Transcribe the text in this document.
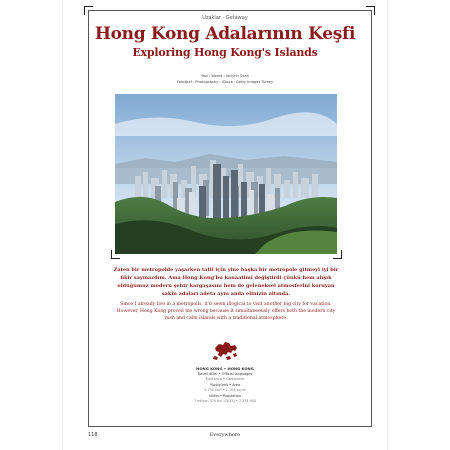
Uzaklar · Getaway
Hong Kong Adalarının Keşfi
Exploring Hong Kong's Islands
Yazı : Words : Jaclynn Seah
Fotoğraf : Photography : iStock · Getty Images Turkey
Zaten bir metropolde yaşarken tatil için yine başka bir metropole gitmeyi iyi bir fikir saymazdım. Ama Hong Kong'bu kanaatimi değiştirdi çünkü hem alışık olduğumuz modern şehir kargaşasını hem de geleneksel atmosferini koruyan sakin adaları adeta aynı anda elinizin altında.
Since I already live in a metropolis, it'd seem illogical to visit another big city for vacation. However, Hong Kong proved me wrong because it simultaneously offers both the modern city rush and calm islands with a traditional atmosphere.
HONG KONG • HONG KONG
Resmî diller • Official languages
Kantonca • Cantonese
Yüzölçümü • Area
2.755 km² • 1.104 sq mi
Nüfus • Population
7 milyon 374 bin (2022) • 7,374,900
118	Everywhere
